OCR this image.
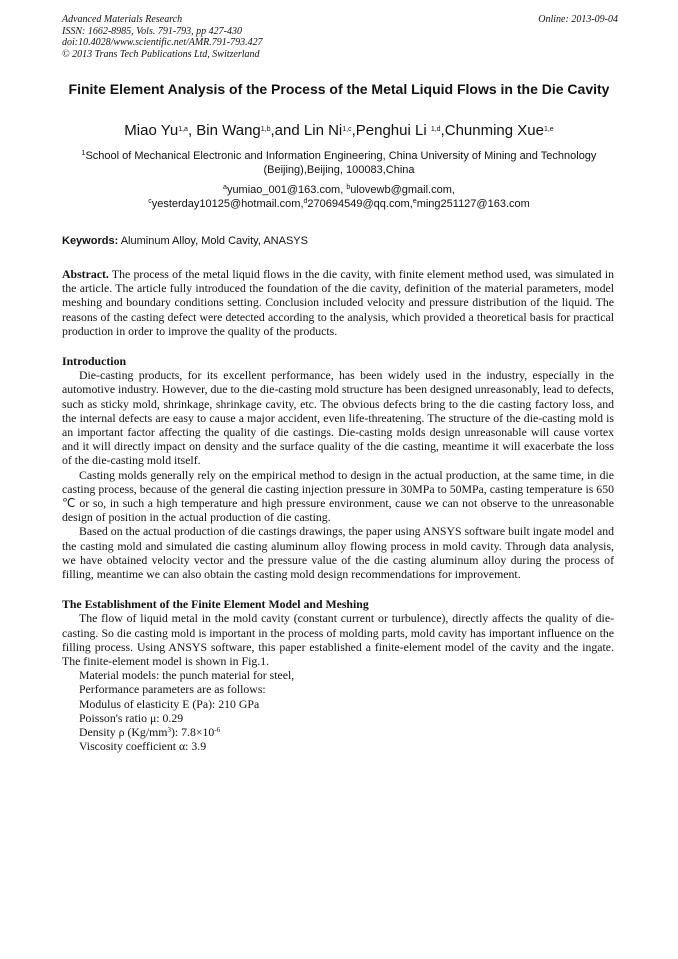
Advanced Materials Research
ISSN: 1662-8985, Vols. 791-793, pp 427-430
doi:10.4028/www.scientific.net/AMR.791-793.427
© 2013 Trans Tech Publications Ltd, Switzerland
Online: 2013-09-04
Finite Element Analysis of the Process of the Metal Liquid Flows in the Die Cavity
Miao Yu$^{1,a}$, Bin Wang$^{1,b}$,and Lin Ni$^{1,c}$,Penghui Li $^{1,d}$,Chunming Xue$^{1,e}$
$^1$School of Mechanical Electronic and Information Engineering, China University of Mining and Technology (Beijing),Beijing, 100083,China
$^a$yumiao_001@163.com, $^b$ulovewb@gmail.com,
$^c$yesterday10125@hotmail.com,$^d$270694549@qq.com,$^e$ming251127@163.com
Keywords: Aluminum Alloy, Mold Cavity, ANASYS

Abstract. The process of the metal liquid flows in the die cavity, with finite element method used, was simulated in the article. The article fully introduced the foundation of the die cavity, definition of the material parameters, model meshing and boundary conditions setting. Conclusion included velocity and pressure distribution of the liquid. The reasons of the casting defect were detected according to the analysis, which provided a theoretical basis for practical production in order to improve the quality of the products.

Introduction

Die-casting products, for its excellent performance, has been widely used in the industry, especially in the automotive industry. However, due to the die-casting mold structure has been designed unreasonably, lead to defects, such as sticky mold, shrinkage, shrinkage cavity, etc. The obvious defects bring to the die casting factory loss, and the internal defects are easy to cause a major accident, even life-threatening. The structure of the die-casting mold is an important factor affecting the quality of die castings. Die-casting molds design unreasonable will cause vortex and it will directly impact on density and the surface quality of the die casting, meantime it will exacerbate the loss of the die-casting mold itself.

Casting molds generally rely on the empirical method to design in the actual production, at the same time, in die casting process, because of the general die casting injection pressure in 30MPa to 50MPa, casting temperature is 650 ℃ or so, in such a high temperature and high pressure environment, cause we can not observe to the unreasonable design of position in the actual production of die casting.

Based on the actual production of die castings drawings, the paper using ANSYS software built ingate model and the casting mold and simulated die casting aluminum alloy flowing process in mold cavity. Through data analysis, we have obtained velocity vector and the pressure value of the die casting aluminum alloy during the process of filling, meantime we can also obtain the casting mold design recommendations for improvement.

The Establishment of the Finite Element Model and Meshing

The flow of liquid metal in the mold cavity (constant current or turbulence), directly affects the quality of die-casting. So die casting mold is important in the process of molding parts, mold cavity has important influence on the filling process. Using ANSYS software, this paper established a finite-element model of the cavity and the ingate. The finite-element model is shown in Fig.1.

Material models: the punch material for steel,

Performance parameters are as follows:

Modulus of elasticity E (Pa): 210 GPa

Poisson's ratio μ: 0.29

Density ρ $(Kg/mm^3)$: $7.8\times 10^{-6}$

Viscosity coefficient α: 3.9
